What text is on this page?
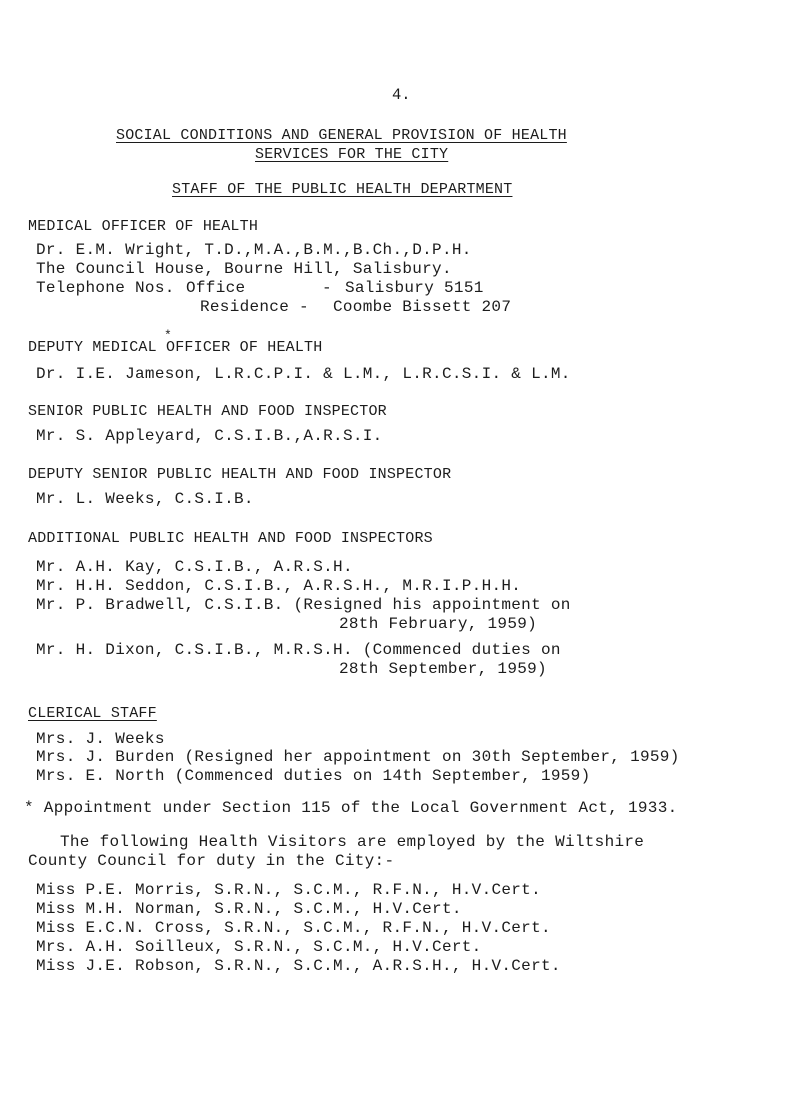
4.
SOCIAL CONDITIONS AND GENERAL PROVISION OF HEALTH
SERVICES FOR THE CITY
STAFF OF THE PUBLIC HEALTH DEPARTMENT
MEDICAL OFFICER OF HEALTH
Dr. E.M. Wright, T.D.,M.A.,B.M.,B.Ch.,D.P.H.
The Council House, Bourne Hill, Salisbury.
Telephone Nos. Office	- Salisbury 5151
Residence - Coombe Bissett 207
*
DEPUTY MEDICAL OFFICER OF HEALTH
Dr. I.E. Jameson, L.R.C.P.I. & L.M., L.R.C.S.I. & L.M.
SENIOR PUBLIC HEALTH AND FOOD INSPECTOR
Mr. S. Appleyard, C.S.I.B.,A.R.S.I.
DEPUTY SENIOR PUBLIC HEALTH AND FOOD INSPECTOR
Mr. L. Weeks, C.S.I.B.
ADDITIONAL PUBLIC HEALTH AND FOOD INSPECTORS
Mr. A.H. Kay, C.S.I.B., A.R.S.H.
Mr. H.H. Seddon, C.S.I.B., A.R.S.H., M.R.I.P.H.H.
Mr. P. Bradwell, C.S.I.B. (Resigned his appointment on
28th February, 1959)
Mr. H. Dixon, C.S.I.B., M.R.S.H. (Commenced duties on
28th September, 1959)
CLERICAL STAFF
Mrs. J. Weeks
Mrs. J. Burden (Resigned her appointment on 30th September, 1959)
Mrs. E. North (Commenced duties on 14th September, 1959)
* Appointment under Section 115 of the Local Government Act, 1933.
The following Health Visitors are employed by the Wiltshire
County Council for duty in the City:-
Miss P.E. Morris, S.R.N., S.C.M., R.F.N., H.V.Cert.
Miss M.H. Norman, S.R.N., S.C.M., H.V.Cert.
Miss E.C.N. Cross, S.R.N., S.C.M., R.F.N., H.V.Cert.
Mrs. A.H. Soilleux, S.R.N., S.C.M., H.V.Cert.
Miss J.E. Robson, S.R.N., S.C.M., A.R.S.H., H.V.Cert.
